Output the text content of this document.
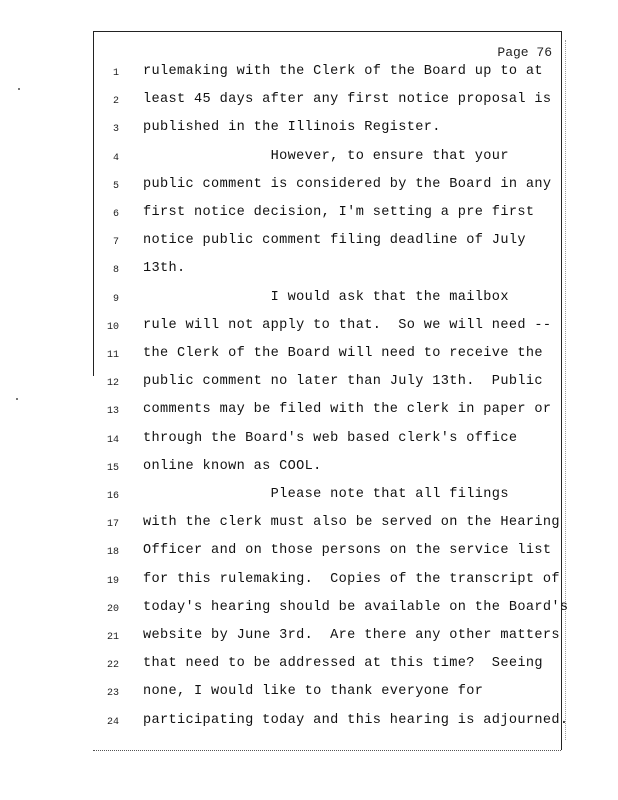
Page 76
1 rulemaking with the Clerk of the Board up to at
2 least 45 days after any first notice proposal is
3 published in the Illinois Register.
4 However, to ensure that your
5 public comment is considered by the Board in any
6 first notice decision, I'm setting a pre first
7 notice public comment filing deadline of July
8 13th.
9 I would ask that the mailbox
10 rule will not apply to that.  So we will need --
11 the Clerk of the Board will need to receive the
12 public comment no later than July 13th.  Public
13 comments may be filed with the clerk in paper or
14 through the Board's web based clerk's office
15 online known as COOL.
16 Please note that all filings
17 with the clerk must also be served on the Hearing
18 Officer and on those persons on the service list
19 for this rulemaking.  Copies of the transcript of
20 today's hearing should be available on the Board's
21 website by June 3rd.  Are there any other matters
22 that need to be addressed at this time?  Seeing
23 none, I would like to thank everyone for
24 participating today and this hearing is adjourned.
